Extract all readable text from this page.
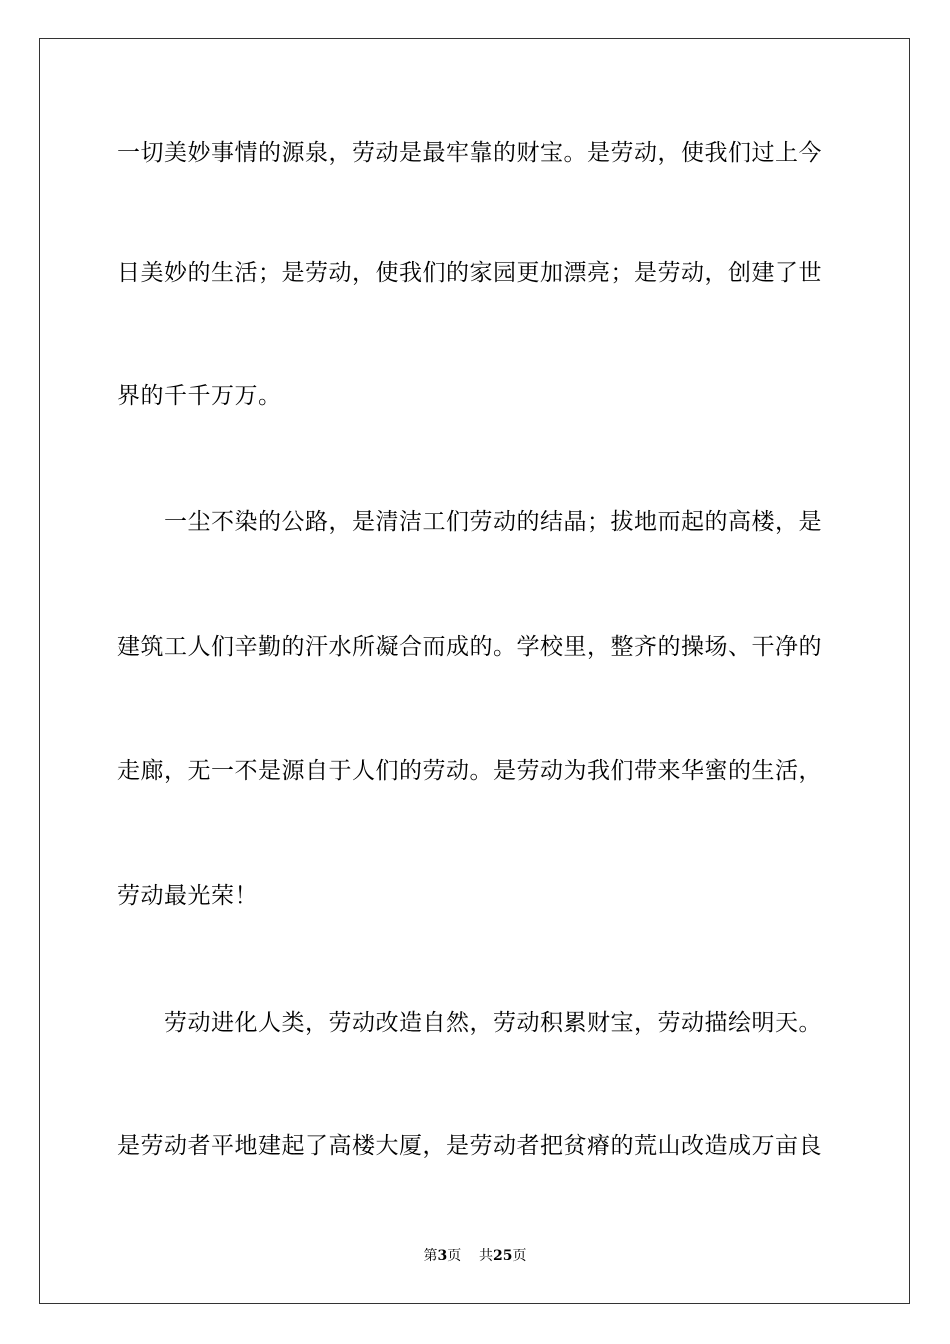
一切美妙事情的源泉，劳动是最牢靠的财宝。是劳动，使我们过上今
日美妙的生活；是劳动，使我们的家园更加漂亮；是劳动，创建了世
界的千千万万。
一尘不染的公路，是清洁工们劳动的结晶；拔地而起的高楼，是
建筑工人们辛勤的汗水所凝合而成的。学校里，整齐的操场、干净的
走廊，无一不是源自于人们的劳动。是劳动为我们带来华蜜的生活，
劳动最光荣！
劳动进化人类，劳动改造自然，劳动积累财宝，劳动描绘明天。
是劳动者平地建起了高楼大厦，是劳动者把贫瘠的荒山改造成万亩良
第3页 共25页
